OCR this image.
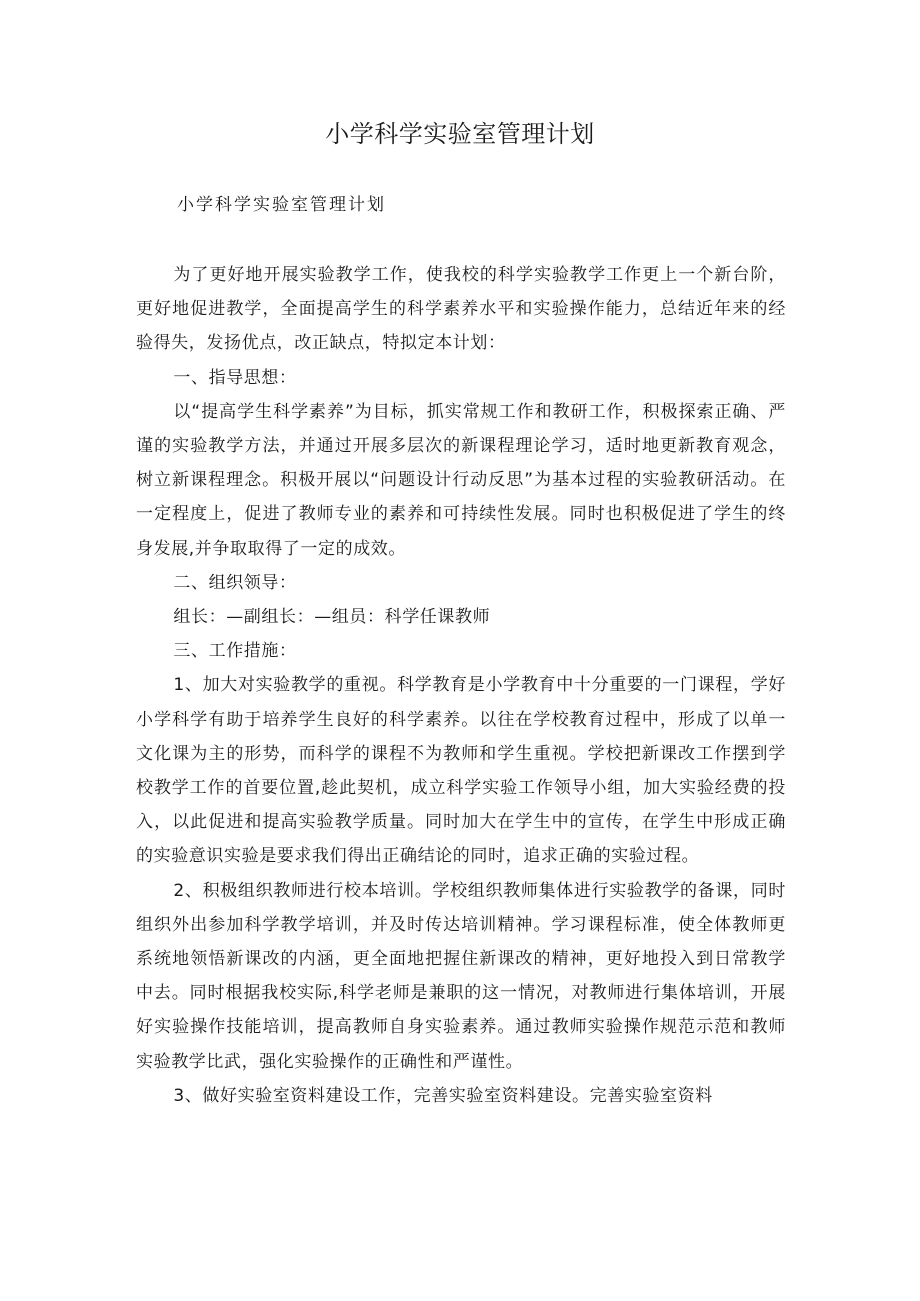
小学科学实验室管理计划
小学科学实验室管理计划

为了更好地开展实验教学工作，使我校的科学实验教学工作更上一个新台阶，更好地促进教学，全面提高学生的科学素养水平和实验操作能力，总结近年来的经验得失，发扬优点，改正缺点，特拟定本计划：

一、指导思想：

以“提高学生科学素养”为目标，抓实常规工作和教研工作，积极探索正确、严谨的实验教学方法，并通过开展多层次的新课程理论学习，适时地更新教育观念，树立新课程理念。积极开展以“问题设计行动反思”为基本过程的实验教研活动。在一定程度上，促进了教师专业的素养和可持续性发展。同时也积极促进了学生的终身发展,并争取取得了一定的成效。

二、组织领导：

组长：—副组长：—组员：科学任课教师

三、工作措施：

1、加大对实验教学的重视。科学教育是小学教育中十分重要的一门课程，学好小学科学有助于培养学生良好的科学素养。以往在学校教育过程中，形成了以单一文化课为主的形势，而科学的课程不为教师和学生重视。学校把新课改工作摆到学校教学工作的首要位置,趁此契机，成立科学实验工作领导小组，加大实验经费的投入，以此促进和提高实验教学质量。同时加大在学生中的宣传，在学生中形成正确的实验意识实验是要求我们得出正确结论的同时，追求正确的实验过程。

2、积极组织教师进行校本培训。学校组织教师集体进行实验教学的备课，同时组织外出参加科学教学培训，并及时传达培训精神。学习课程标准，使全体教师更系统地领悟新课改的内涵，更全面地把握住新课改的精神，更好地投入到日常教学中去。同时根据我校实际,科学老师是兼职的这一情况，对教师进行集体培训，开展好实验操作技能培训，提高教师自身实验素养。通过教师实验操作规范示范和教师实验教学比武，强化实验操作的正确性和严谨性。

3、做好实验室资料建设工作，完善实验室资料建设。完善实验室资料
